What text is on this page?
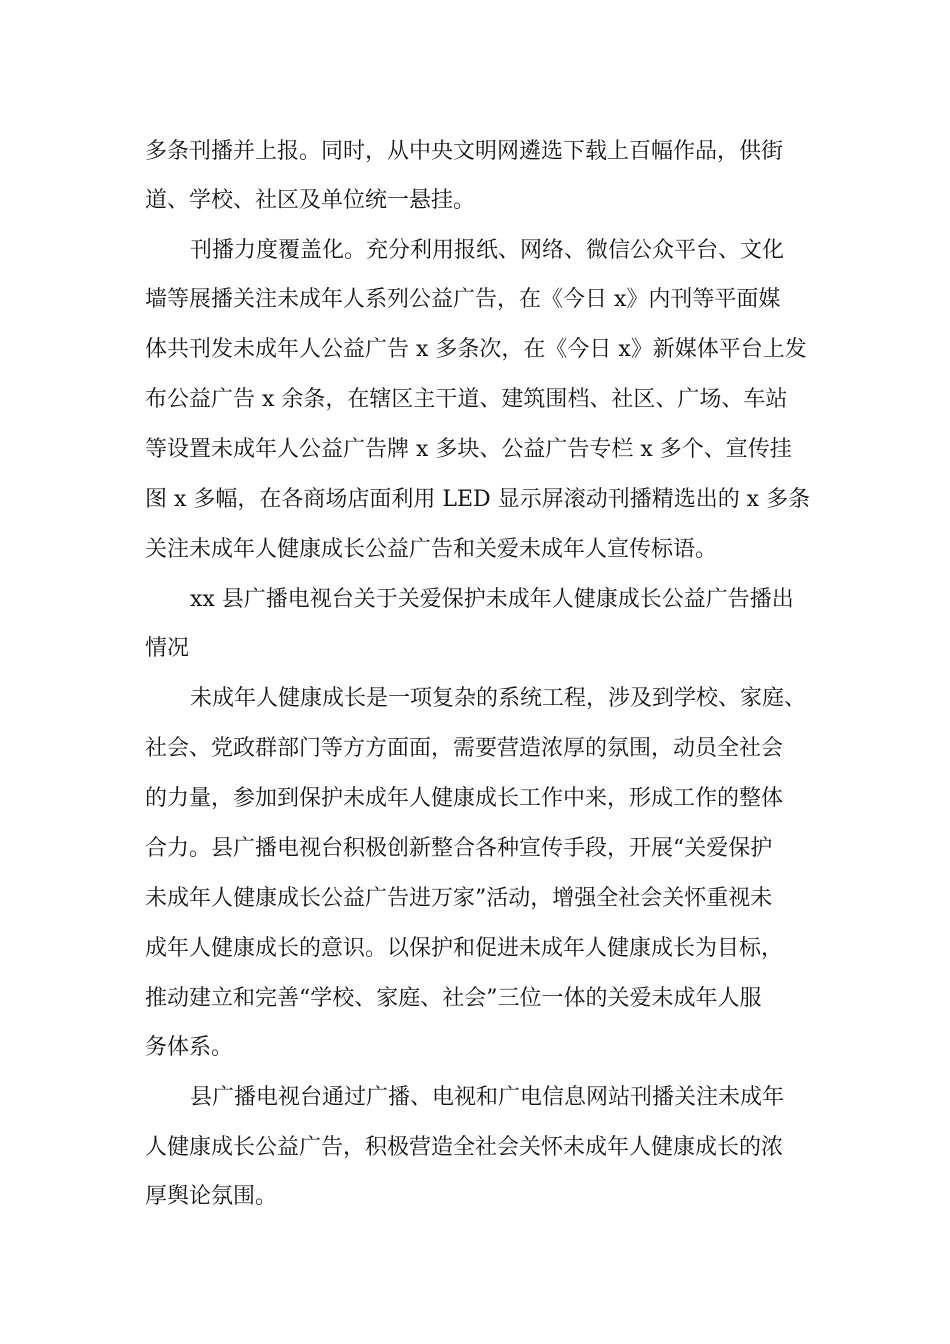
多条刊播并上报。同时，从中央文明网遴选下载上百幅作品，供街

道、学校、社区及单位统一悬挂。

刊播力度覆盖化。充分利用报纸、网络、微信公众平台、文化

墙等展播关注未成年人系列公益广告，在《今日 x》内刊等平面媒

体共刊发未成年人公益广告 x 多条次，在《今日 x》新媒体平台上发

布公益广告 x 余条，在辖区主干道、建筑围档、社区、广场、车站

等设置未成年人公益广告牌 x 多块、公益广告专栏 x 多个、宣传挂

图 x 多幅，在各商场店面利用 LED 显示屏滚动刊播精选出的 x 多条

关注未成年人健康成长公益广告和关爱未成年人宣传标语。

xx 县广播电视台关于关爱保护未成年人健康成长公益广告播出

情况

未成年人健康成长是一项复杂的系统工程，涉及到学校、家庭、

社会、党政群部门等方方面面，需要营造浓厚的氛围，动员全社会

的力量，参加到保护未成年人健康成长工作中来，形成工作的整体

合力。县广播电视台积极创新整合各种宣传手段，开展“关爱保护

未成年人健康成长公益广告进万家”活动，增强全社会关怀重视未

成年人健康成长的意识。以保护和促进未成年人健康成长为目标，

推动建立和完善“学校、家庭、社会”三位一体的关爱未成年人服

务体系。

县广播电视台通过广播、电视和广电信息网站刊播关注未成年

人健康成长公益广告，积极营造全社会关怀未成年人健康成长的浓

厚舆论氛围。
